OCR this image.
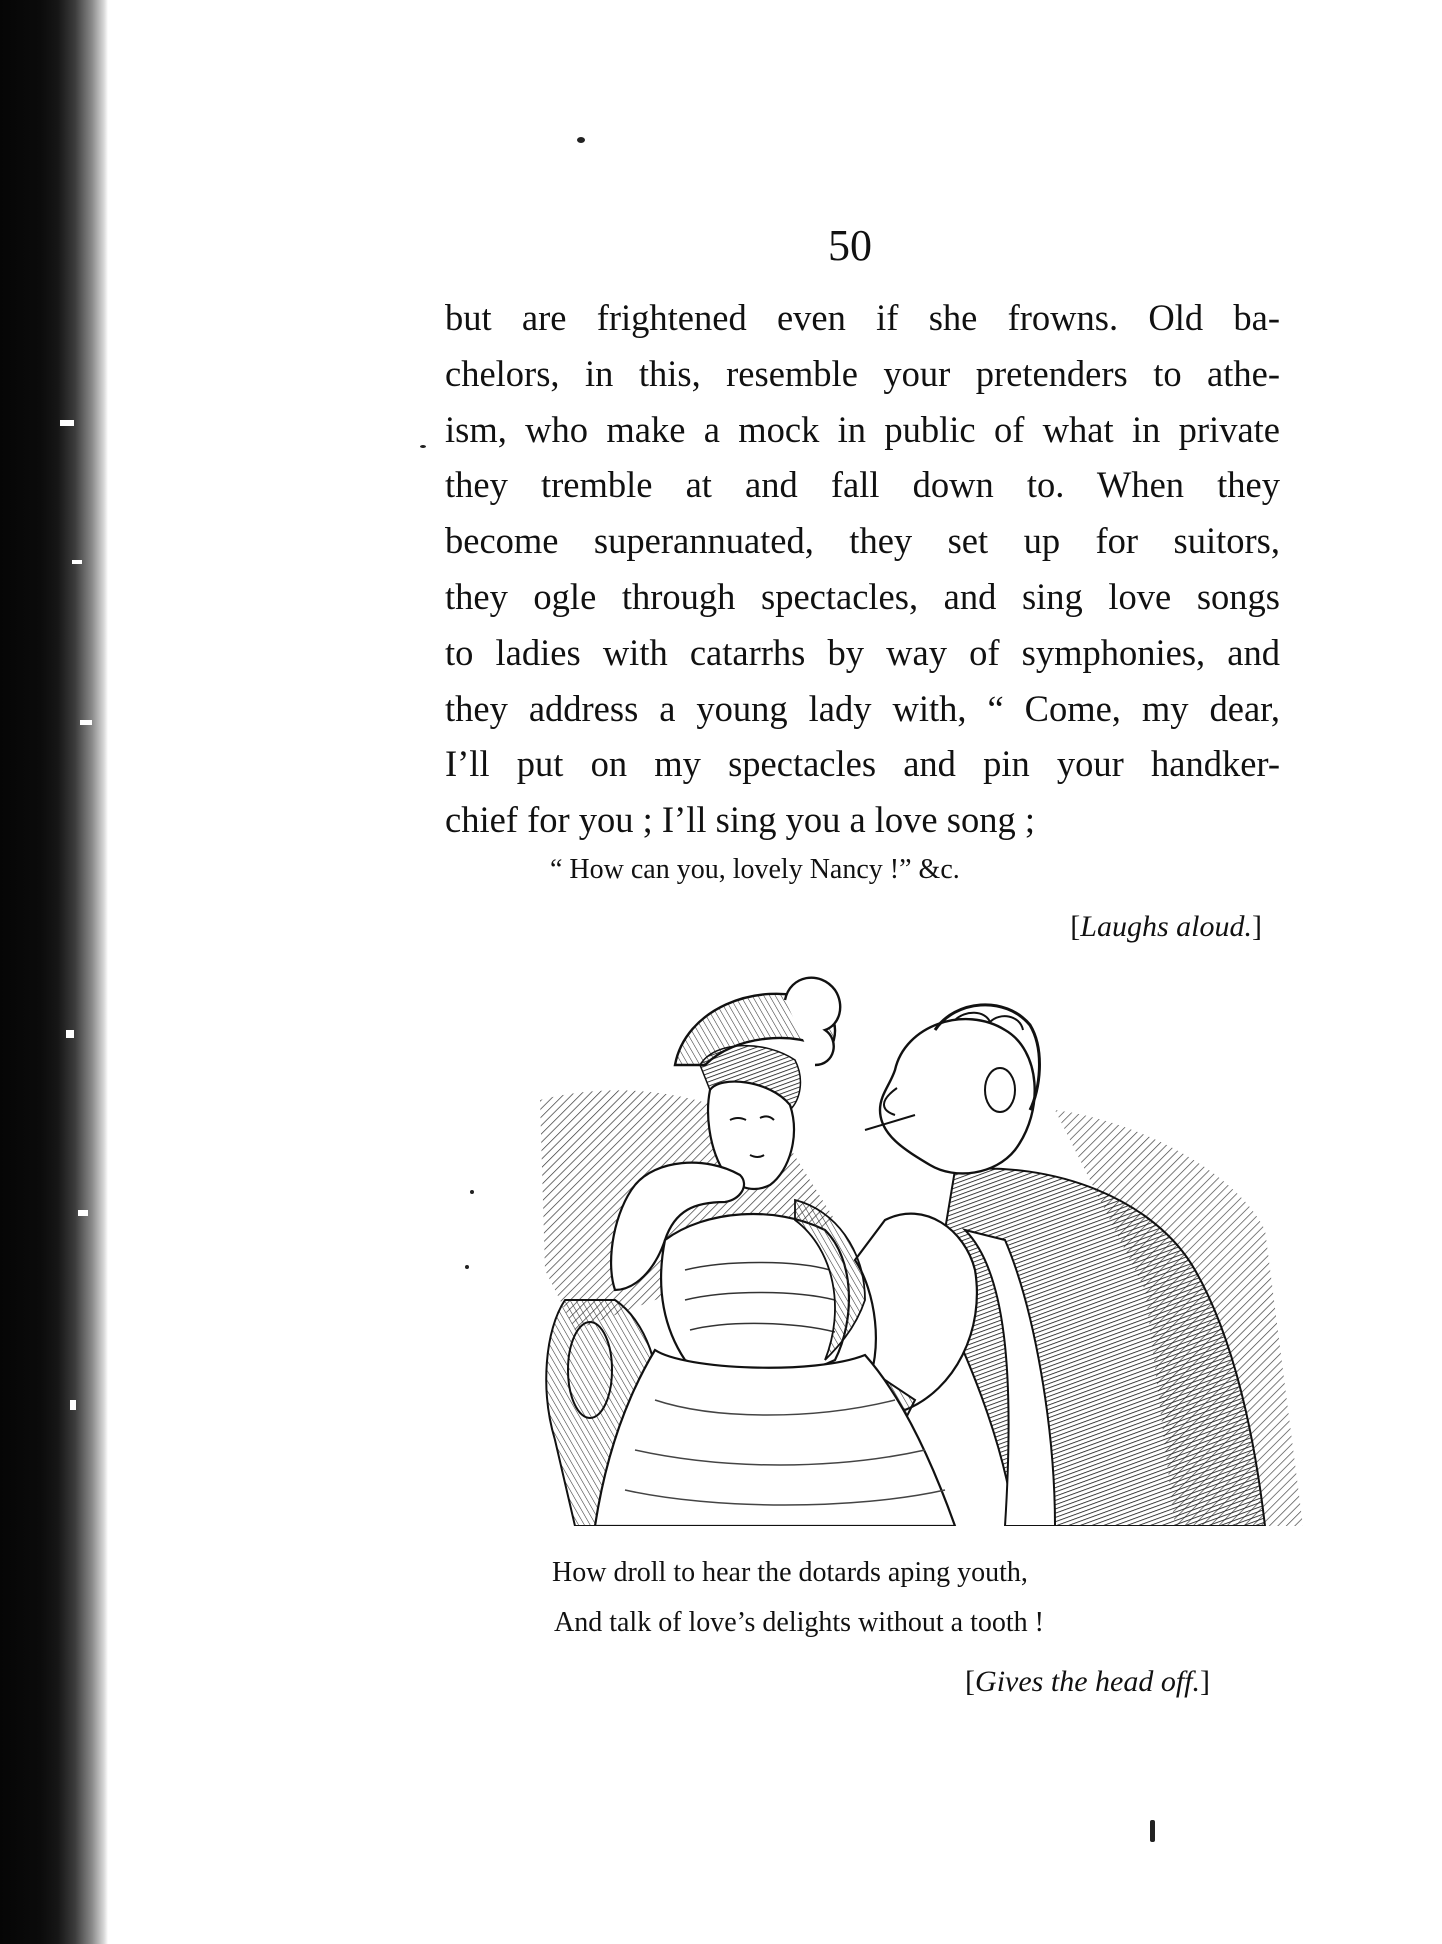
50
but are frightened even if she frowns. Old ba-
chelors, in this, resemble your pretenders to athe-
ism, who make a mock in public of what in private
they tremble at and fall down to. When they
become superannuated, they set up for suitors,
they ogle through spectacles, and sing love songs
to ladies with catarrhs by way of symphonies, and
they address a young lady with, “ Come, my dear,
I’ll put on my spectacles and pin your handker-
chief for you ; I’ll sing you a love song ;
“ How can you, lovely Nancy !” &c.
[Laughs aloud.]
How droll to hear the dotards aping youth,
And talk of love’s delights without a tooth !
[Gives the head off.]
